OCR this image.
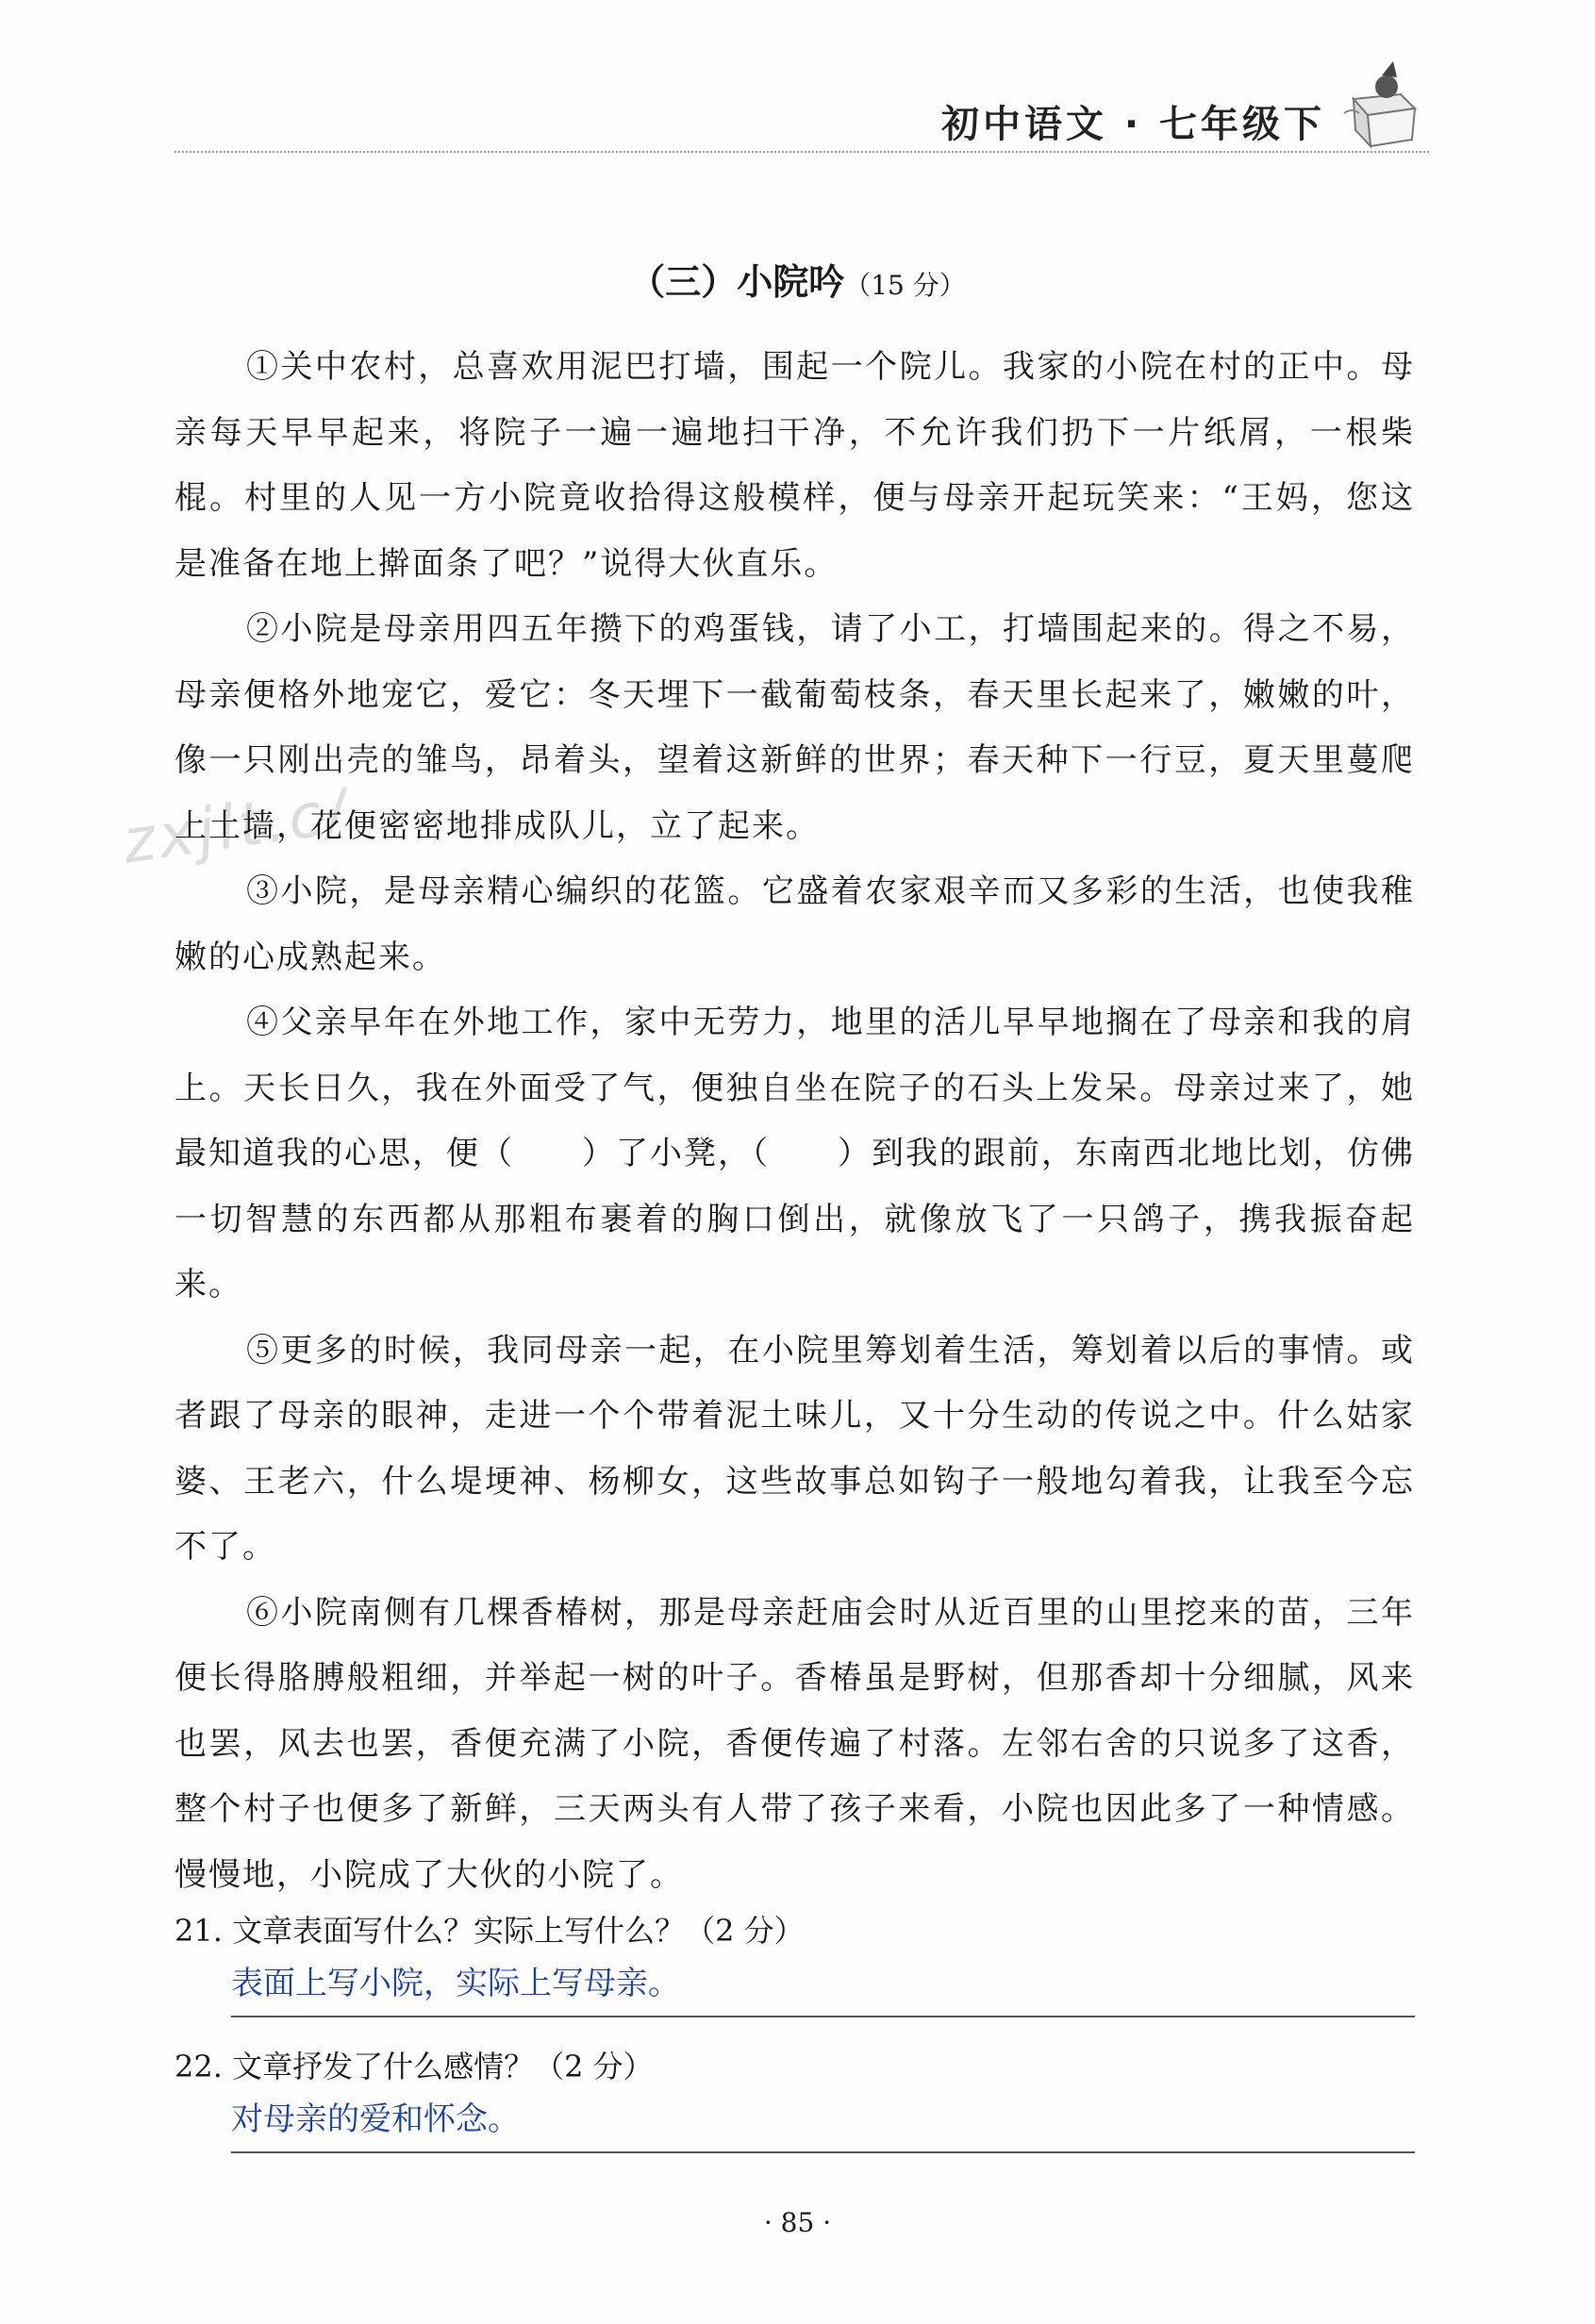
初中语文 · 七年级下
（三）小院吟（15 分）
zxjlt.c/

①关中农村，总喜欢用泥巴打墙，围起一个院儿。我家的小院在村的正中。母亲每天早早起来，将院子一遍一遍地扫干净，不允许我们扔下一片纸屑，一根柴棍。村里的人见一方小院竟收拾得这般模样，便与母亲开起玩笑来：“王妈，您这是准备在地上擀面条了吧？”说得大伙直乐。

②小院是母亲用四五年攒下的鸡蛋钱，请了小工，打墙围起来的。得之不易，母亲便格外地宠它，爱它：冬天埋下一截葡萄枝条，春天里长起来了，嫩嫩的叶，像一只刚出壳的雏鸟，昂着头，望着这新鲜的世界；春天种下一行豆，夏天里蔓爬上土墙，花便密密地排成队儿，立了起来。

③小院，是母亲精心编织的花篮。它盛着农家艰辛而又多彩的生活，也使我稚嫩的心成熟起来。

④父亲早年在外地工作，家中无劳力，地里的活儿早早地搁在了母亲和我的肩上。天长日久，我在外面受了气，便独自坐在院子的石头上发呆。母亲过来了，她最知道我的心思，便（　　）了小凳，（　　）到我的跟前，东南西北地比划，仿佛一切智慧的东西都从那粗布裹着的胸口倒出，就像放飞了一只鸽子，携我振奋起来。

⑤更多的时候，我同母亲一起，在小院里筹划着生活，筹划着以后的事情。或者跟了母亲的眼神，走进一个个带着泥土味儿，又十分生动的传说之中。什么姑家婆、王老六，什么堤埂神、杨柳女，这些故事总如钩子一般地勾着我，让我至今忘不了。

⑥小院南侧有几棵香椿树，那是母亲赶庙会时从近百里的山里挖来的苗，三年便长得胳膊般粗细，并举起一树的叶子。香椿虽是野树，但那香却十分细腻，风来也罢，风去也罢，香便充满了小院，香便传遍了村落。左邻右舍的只说多了这香，整个村子也便多了新鲜，三天两头有人带了孩子来看，小院也因此多了一种情感。慢慢地，小院成了大伙的小院了。

21. 文章表面写什么？实际上写什么？（2 分）

表面上写小院，实际上写母亲。

22. 文章抒发了什么感情？（2 分）

对母亲的爱和怀念。
· 85 ·
